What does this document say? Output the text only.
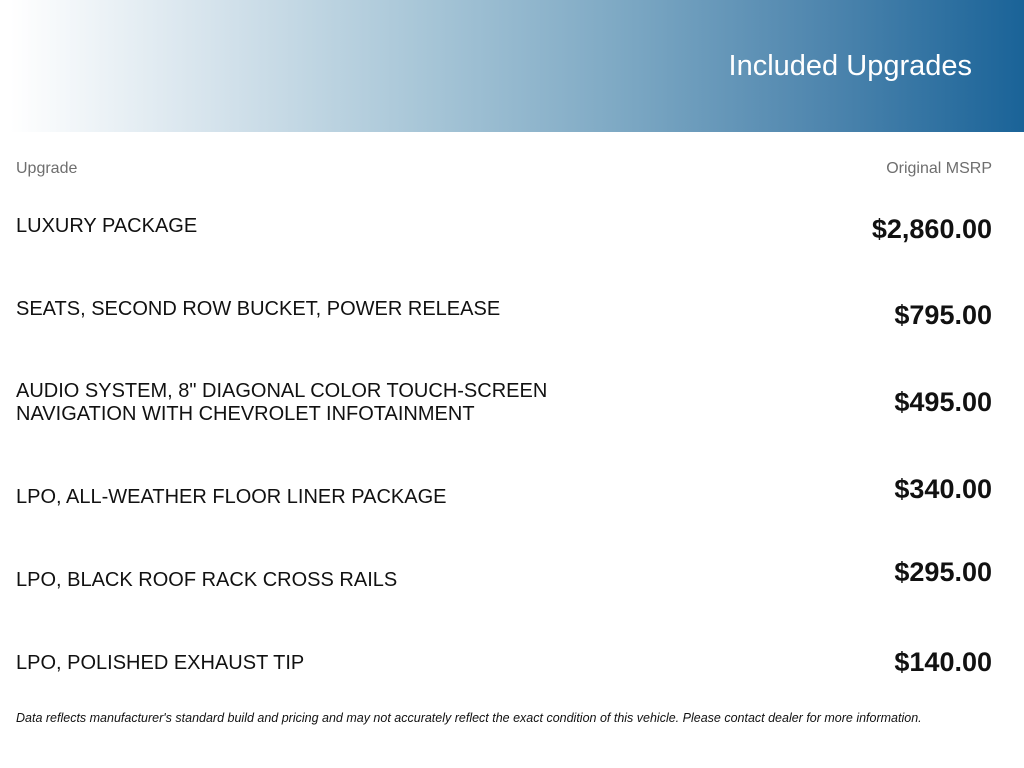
Included Upgrades
Upgrade	Original MSRP
LUXURY PACKAGE	$2,860.00
SEATS, SECOND ROW BUCKET, POWER RELEASE	$795.00
AUDIO SYSTEM, 8" DIAGONAL COLOR TOUCH-SCREEN
NAVIGATION WITH CHEVROLET INFOTAINMENT	$495.00
LPO, ALL-WEATHER FLOOR LINER PACKAGE	$340.00
LPO, BLACK ROOF RACK CROSS RAILS	$295.00
LPO, POLISHED EXHAUST TIP	$140.00
Data reflects manufacturer's standard build and pricing and may not accurately reflect the exact condition of this vehicle. Please contact dealer for more information.
